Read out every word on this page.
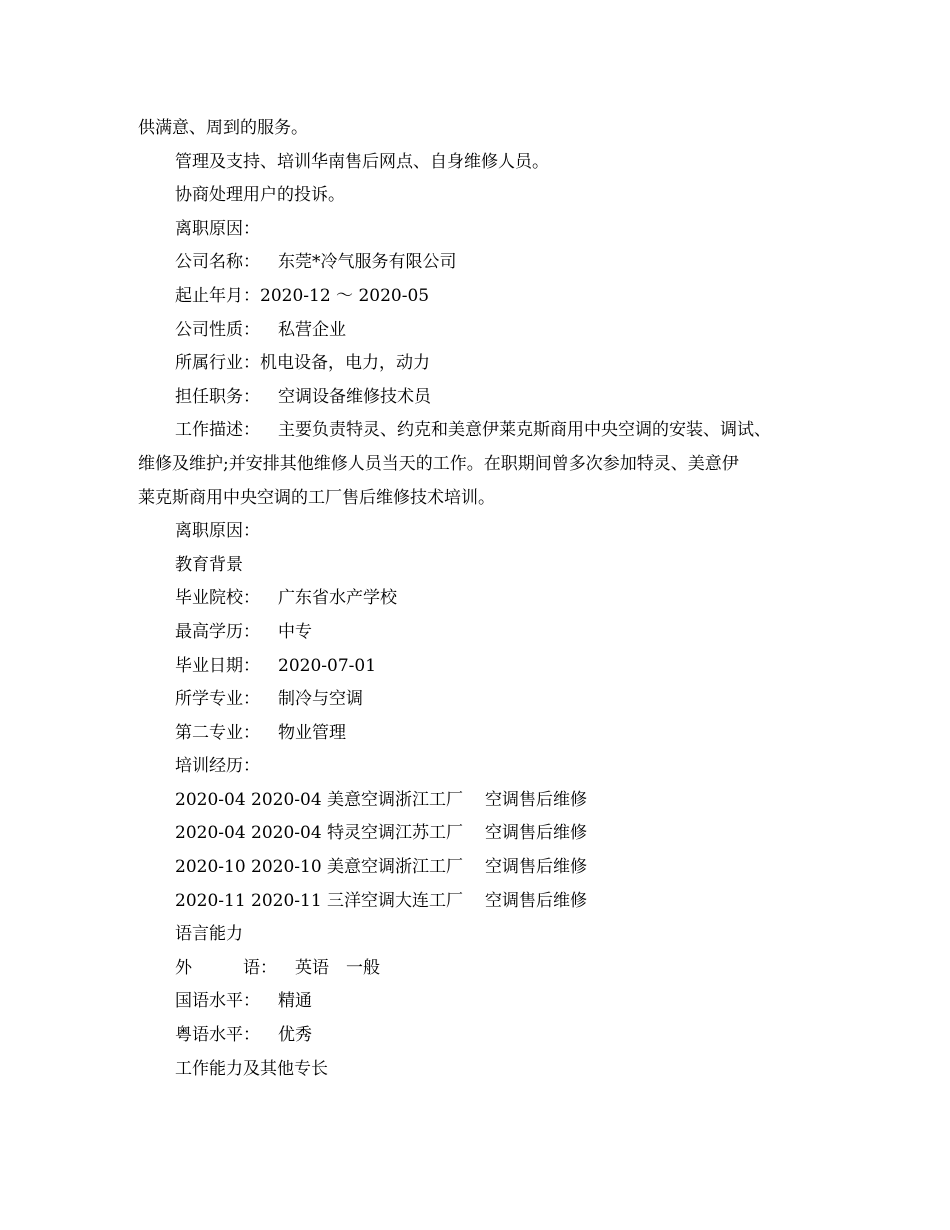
供满意、周到的服务。
管理及支持、培训华南售后网点、自身维修人员。
协商处理用户的投诉。
离职原因：
公司名称： 东莞*冷气服务有限公司
起止年月：2020-12 ～ 2020-05
公司性质： 私营企业
所属行业：机电设备，电力，动力
担任职务： 空调设备维修技术员
工作描述： 主要负责特灵、约克和美意伊莱克斯商用中央空调的安装、调试、
维修及维护;并安排其他维修人员当天的工作。在职期间曾多次参加特灵、美意伊
莱克斯商用中央空调的工厂售后维修技术培训。
离职原因：
教育背景
毕业院校： 广东省水产学校
最高学历： 中专
毕业日期： 2020-07-01
所学专业： 制冷与空调
第二专业： 物业管理
培训经历：
2020-04 2020-04 美意空调浙江工厂 空调售后维修
2020-04 2020-04 特灵空调江苏工厂 空调售后维修
2020-10 2020-10 美意空调浙江工厂 空调售后维修
2020-11 2020-11 三洋空调大连工厂 空调售后维修
语言能力
外	语： 英语　一般
国语水平： 精通
粤语水平： 优秀
工作能力及其他专长
